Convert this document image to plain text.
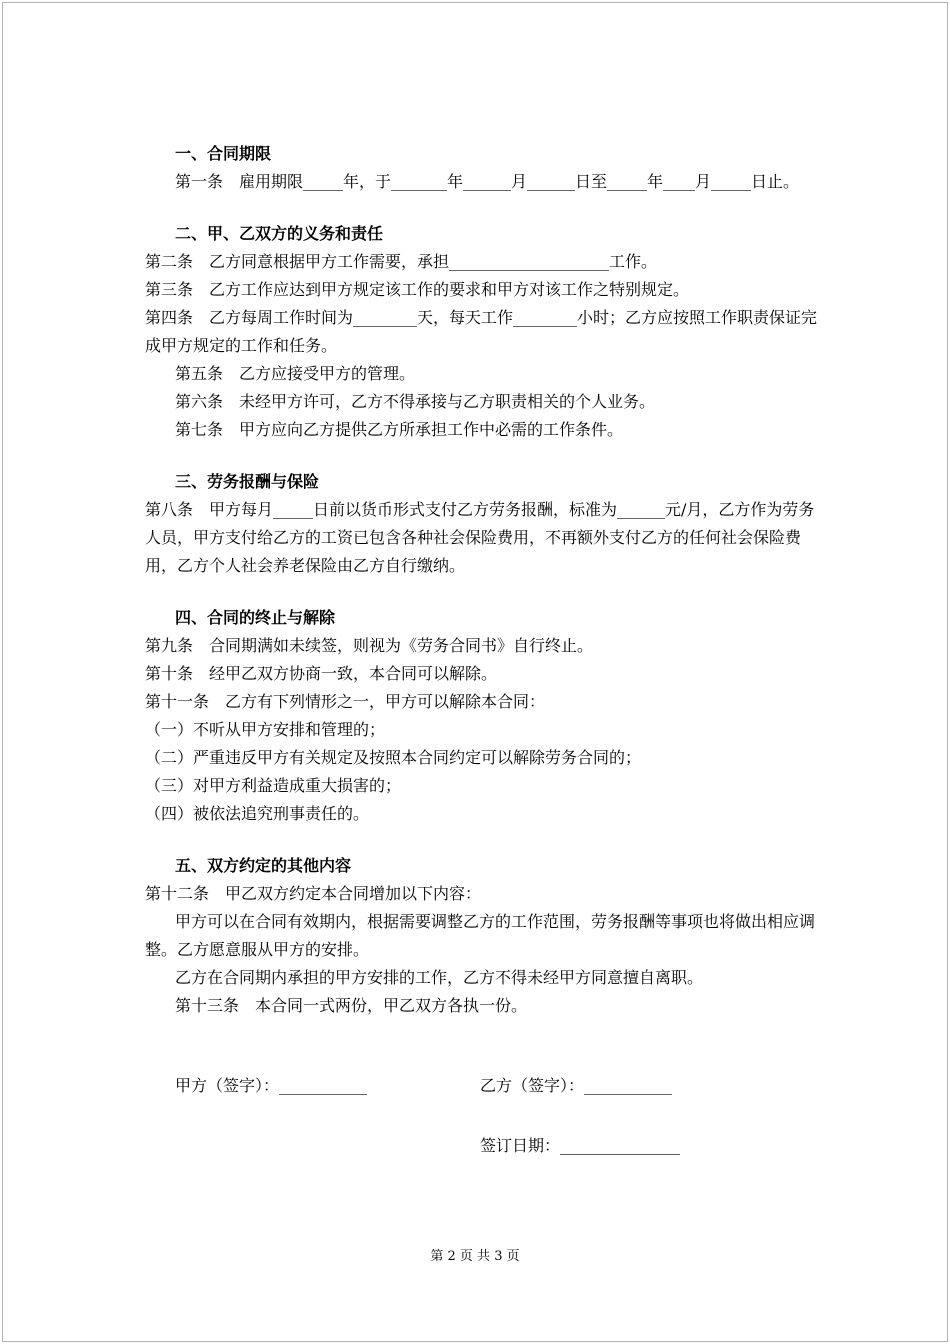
一、合同期限

第一条　雇用期限_____年，于_______年______月______日至_____年____月_____日止。

二、甲、乙双方的义务和责任

第二条　乙方同意根据甲方工作需要，承担____________________工作。

第三条　乙方工作应达到甲方规定该工作的要求和甲方对该工作之特别规定。

第四条　乙方每周工作时间为________天，每天工作________小时；乙方应按照工作职责保证完成甲方规定的工作和任务。

第五条　乙方应接受甲方的管理。

第六条　未经甲方许可，乙方不得承接与乙方职责相关的个人业务。

第七条　甲方应向乙方提供乙方所承担工作中必需的工作条件。

三、劳务报酬与保险

第八条　甲方每月_____日前以货币形式支付乙方劳务报酬，标准为______元/月，乙方作为劳务人员，甲方支付给乙方的工资已包含各种社会保险费用，不再额外支付乙方的任何社会保险费用，乙方个人社会养老保险由乙方自行缴纳。

四、合同的终止与解除

第九条　合同期满如未续签，则视为《劳务合同书》自行终止。

第十条　经甲乙双方协商一致，本合同可以解除。

第十一条　乙方有下列情形之一，甲方可以解除本合同：

（一）不听从甲方安排和管理的；

（二）严重违反甲方有关规定及按照本合同约定可以解除劳务合同的；

（三）对甲方利益造成重大损害的；

（四）被依法追究刑事责任的。

五、双方约定的其他内容

第十二条　甲乙双方约定本合同增加以下内容：

甲方可以在合同有效期内，根据需要调整乙方的工作范围，劳务报酬等事项也将做出相应调整。乙方愿意服从甲方的安排。

乙方在合同期内承担的甲方安排的工作，乙方不得未经甲方同意擅自离职。

第十三条　本合同一式两份，甲乙双方各执一份。

甲方（签字）：___________	乙方（签字）：___________
签订日期：_______________
第 2 页 共 3 页
